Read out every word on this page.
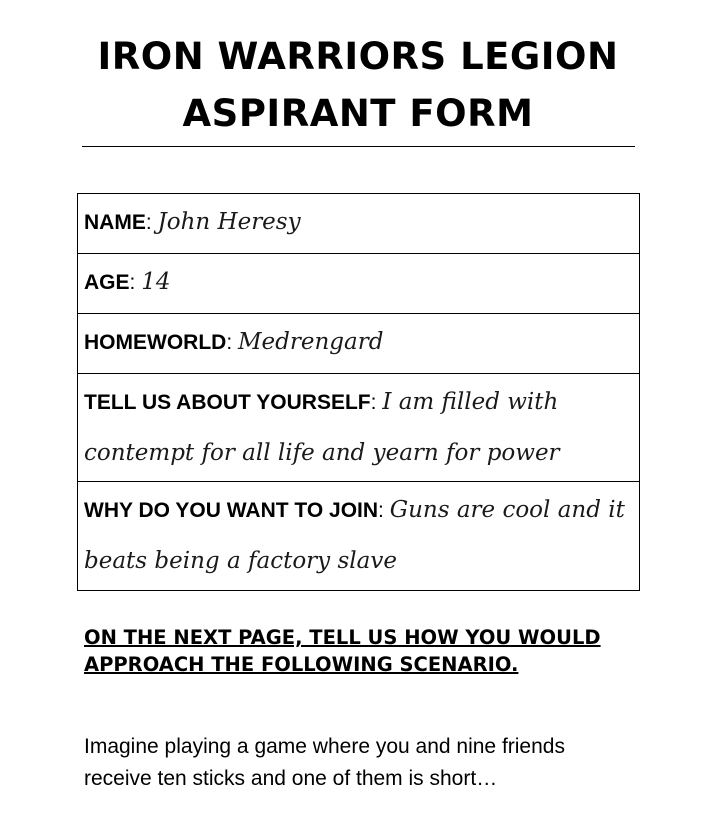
IRON WARRIORS LEGION
ASPIRANT FORM
NAME: John Heresy
AGE: 14
HOMEWORLD: Medrengard
TELL US ABOUT YOURSELF: I am filled with contempt for all life and yearn for power
WHY DO YOU WANT TO JOIN: Guns are cool and it beats being a factory slave
ON THE NEXT PAGE, TELL US HOW YOU WOULD
APPROACH THE FOLLOWING SCENARIO.
Imagine playing a game where you and nine friends
receive ten sticks and one of them is short…
